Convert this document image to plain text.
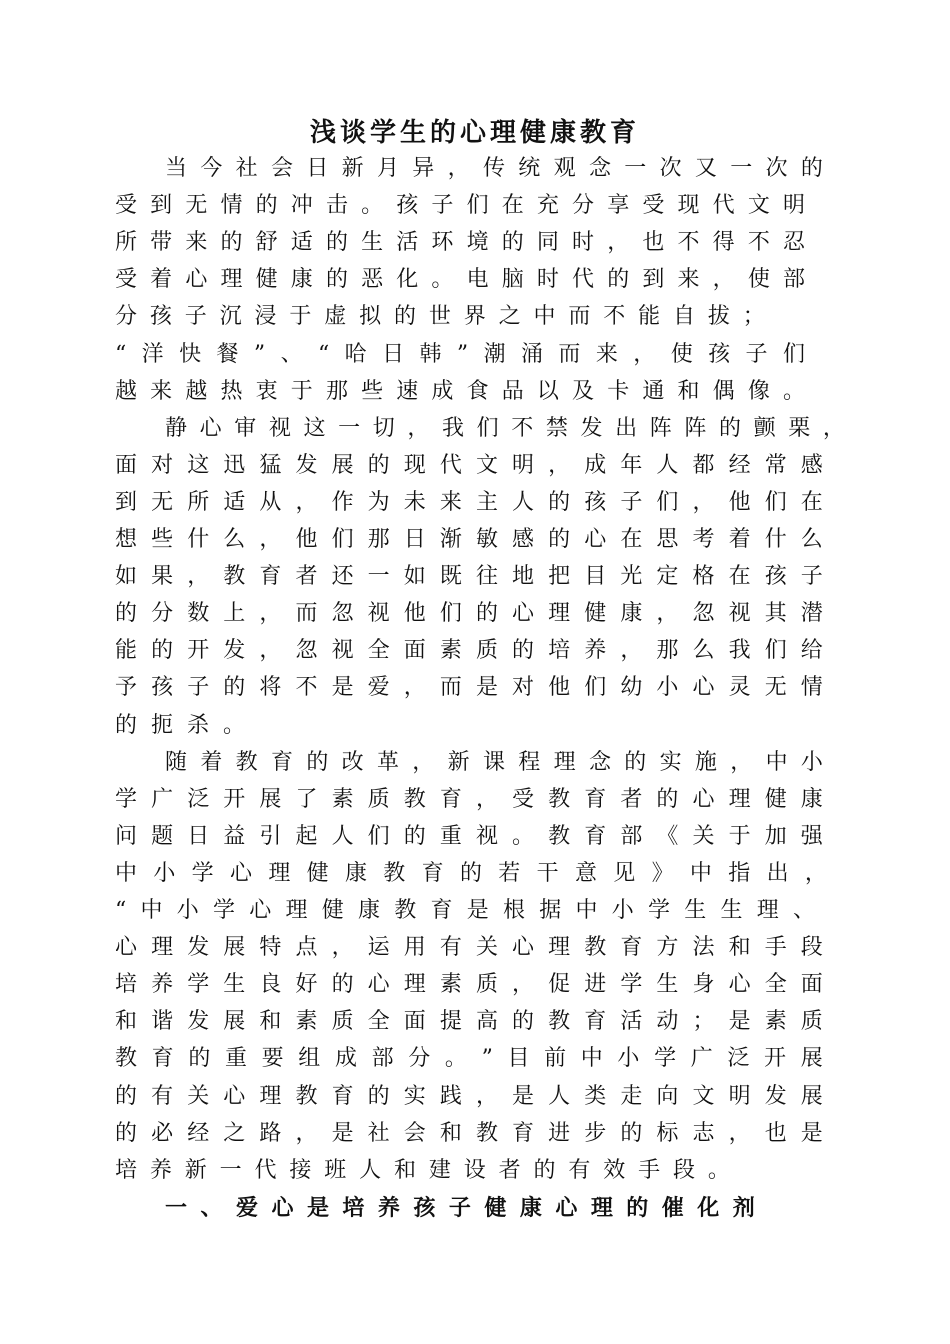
浅谈学生的心理健康教育
当 今 社 会 日 新 月 异 ， 传 统 观 念 一 次 又 一 次 的
受 到 无 情 的 冲 击 。 孩 子 们 在 充 分 享 受 现 代 文 明
所 带 来 的 舒 适 的 生 活 环 境 的 同 时 ， 也 不 得 不 忍
受 着 心 理 健 康 的 恶 化 。 电 脑 时 代 的 到 来 ， 使 部
分 孩 子 沉 浸 于 虚 拟 的 世 界 之 中 而 不 能 自 拔 ；
“ 洋 快 餐 ” 、 “ 哈 日 韩 ” 潮 涌 而 来 ， 使 孩 子 们
越 来 越 热 衷 于 那 些 速 成 食 品 以 及 卡 通 和 偶 像 。
静 心 审 视 这 一 切 ， 我 们 不 禁 发 出 阵 阵 的 颤 栗 ，
面 对 这 迅 猛 发 展 的 现 代 文 明 ， 成 年 人 都 经 常 感
到 无 所 适 从 ， 作 为 未 来 主 人 的 孩 子 们 ， 他 们 在
想 些 什 么 ， 他 们 那 日 渐 敏 感 的 心 在 思 考 着 什 么
如 果 ， 教 育 者 还 一 如 既 往 地 把 目 光 定 格 在 孩 子
的 分 数 上 ， 而 忽 视 他 们 的 心 理 健 康 ， 忽 视 其 潜
能 的 开 发 ， 忽 视 全 面 素 质 的 培 养 ， 那 么 我 们 给
予 孩 子 的 将 不 是 爱 ， 而 是 对 他 们 幼 小 心 灵 无 情
的 扼 杀 。
随 着 教 育 的 改 革 ， 新 课 程 理 念 的 实 施 ， 中 小
学 广 泛 开 展 了 素 质 教 育 ， 受 教 育 者 的 心 理 健 康
问 题 日 益 引 起 人 们 的 重 视 。 教 育 部 《 关 于 加 强
中 小 学 心 理 健 康 教 育 的 若 干 意 见 》 中 指 出 ，
“ 中 小 学 心 理 健 康 教 育 是 根 据 中 小 学 生 生 理 、
心 理 发 展 特 点 ， 运 用 有 关 心 理 教 育 方 法 和 手 段
培 养 学 生 良 好 的 心 理 素 质 ， 促 进 学 生 身 心 全 面
和 谐 发 展 和 素 质 全 面 提 高 的 教 育 活 动 ； 是 素 质
教 育 的 重 要 组 成 部 分 。 ” 目 前 中 小 学 广 泛 开 展
的 有 关 心 理 教 育 的 实 践 ， 是 人 类 走 向 文 明 发 展
的 必 经 之 路 ， 是 社 会 和 教 育 进 步 的 标 志 ， 也 是
培 养 新 一 代 接 班 人 和 建 设 者 的 有 效 手 段 。
一 、 爱 心 是 培 养 孩 子 健 康 心 理 的 催 化 剂
